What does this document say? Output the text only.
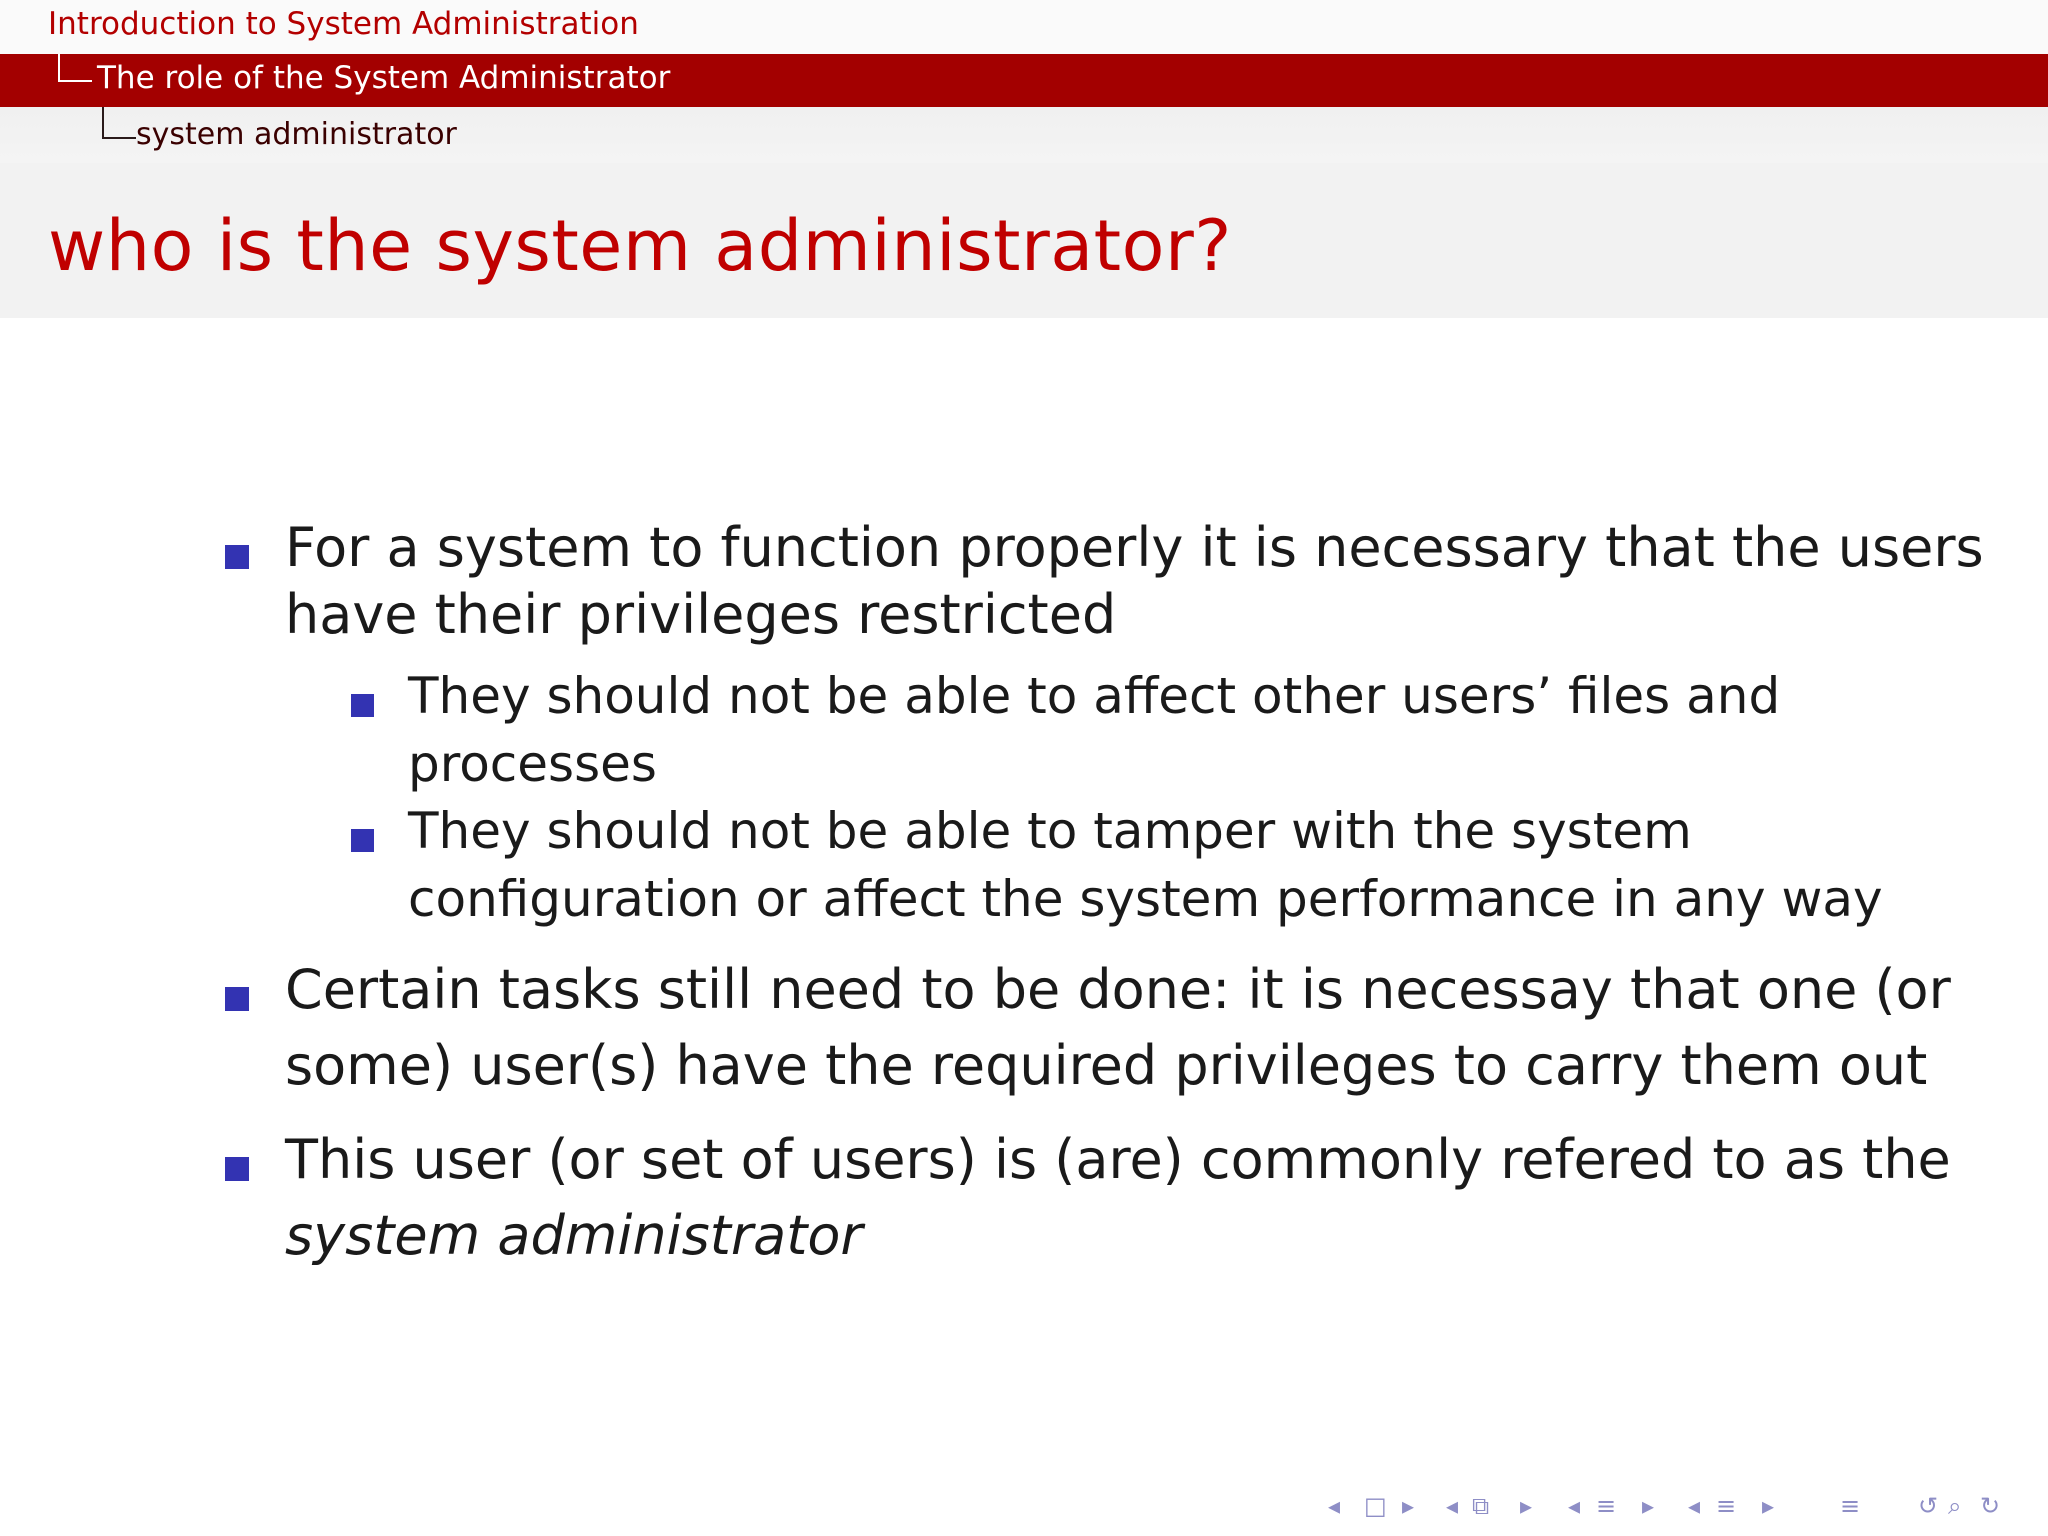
Introduction to System Administration
The role of the System Administrator
system administrator
who is the system administrator?
For a system to function properly it is necessary that the users
have their privileges restricted
They should not be able to affect other users’ files and
processes
They should not be able to tamper with the system
configuration or affect the system performance in any way
Certain tasks still need to be done: it is necessay that one (or
some) user(s) have the required privileges to carry them out
This user (or set of users) is (are) commonly refered to as the
system administrator
◂ □ ▸ ◂ ⧉ ▸ ◂ ≡ ▸ ◂ ≡ ▸	≡ ↺ ⌕ ↻
